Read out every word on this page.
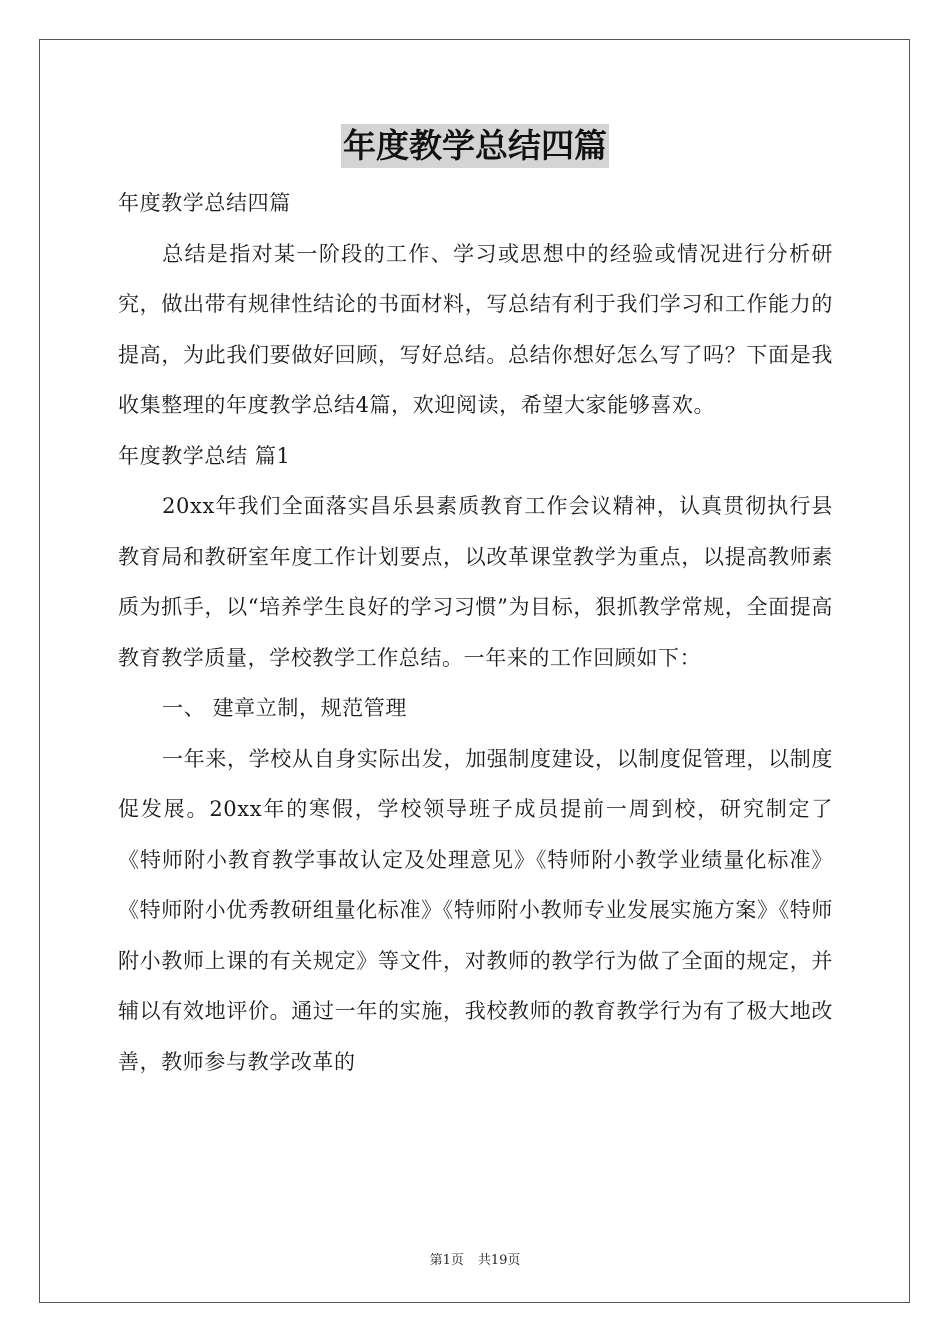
年度教学总结四篇

年度教学总结四篇

总结是指对某一阶段的工作、学习或思想中的经验或情况进行分析研究，做出带有规律性结论的书面材料，写总结有利于我们学习和工作能力的提高，为此我们要做好回顾，写好总结。总结你想好怎么写了吗？下面是我收集整理的年度教学总结4篇，欢迎阅读，希望大家能够喜欢。

年度教学总结 篇1

20xx年我们全面落实昌乐县素质教育工作会议精神，认真贯彻执行县教育局和教研室年度工作计划要点，以改革课堂教学为重点，以提高教师素质为抓手，以“培养学生良好的学习习惯”为目标，狠抓教学常规，全面提高教育教学质量，学校教学工作总结。一年来的工作回顾如下：

一、 建章立制，规范管理

一年来，学校从自身实际出发，加强制度建设，以制度促管理，以制度促发展。20xx年的寒假，学校领导班子成员提前一周到校，研究制定了《特师附小教育教学事故认定及处理意见》《特师附小教学业绩量化标准》 《特师附小优秀教研组量化标准》《特师附小教师专业发展实施方案》《特师附小教师上课的有关规定》等文件，对教师的教学行为做了全面的规定，并辅以有效地评价。通过一年的实施，我校教师的教育教学行为有了极大地改善，教师参与教学改革的

第1页 共19页
